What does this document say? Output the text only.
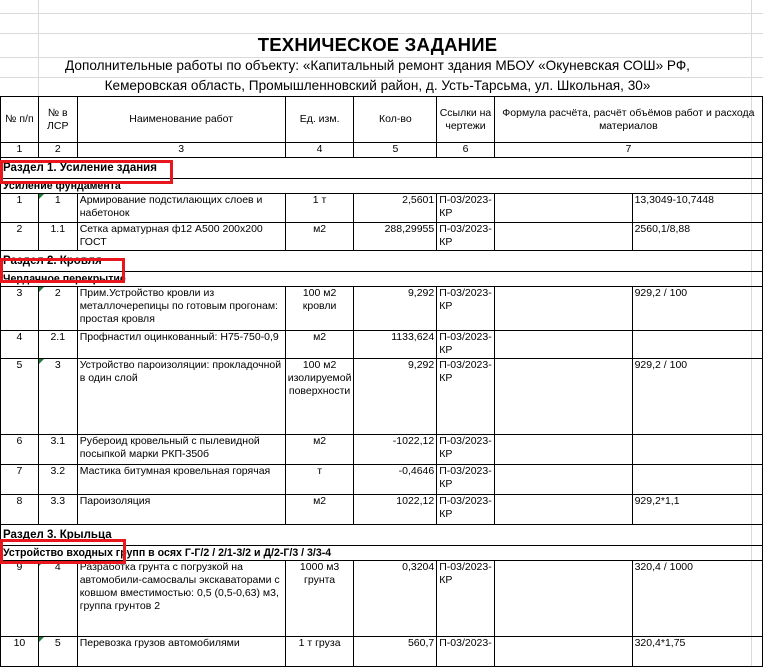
ТЕХНИЧЕСКОЕ ЗАДАНИЕ
Дополнительные работы по объекту: «Капитальный ремонт здания МБОУ «Окуневская СОШ» РФ,
Кемеровская область, Промышленновский район, д. Усть-Тарсьма, ул. Школьная, 30»
№ п/п	№ в ЛСР	Наименование работ	Ед. изм.	Кол-во	Ссылки на чертежи	Формула расчёта, расчёт объёмов работ и расхода материалов	
1	2	3	4	5	6	7	
Раздел 1. Усиление здания							
Усиление фундамента							
1	1	Армирование подстилающих слоев и набетонок	1 т	2,5601	П-03/2023-КР		13,3049-10,7448
2	1.1	Сетка арматурная ф12 А500 200х200 ГОСТ	м2	288,29955	П-03/2023-КР		2560,1/8,88
Раздел 2. Кровля							
Чердачное перекрытие							
3	2	Прим.Устройство кровли из металлочерепицы по готовым прогонам: простая кровля	100 м2 кровли	9,292	П-03/2023-КР		929,2 / 100
4	2.1	Профнастил оцинкованный: Н75-750-0,9	м2	1133,624	П-03/2023-КР		
5	3	Устройство пароизоляции: прокладочной в один слой	100 м2 изолируемой поверхности	9,292	П-03/2023-КР		929,2 / 100
6	3.1	Рубероид кровельный с пылевидной посыпкой марки РКП-350б	м2	-1022,12	П-03/2023-КР		
7	3.2	Мастика битумная кровельная горячая	т	-0,4646	П-03/2023-КР		
8	3.3	Пароизоляция	м2	1022,12	П-03/2023-КР		929,2*1,1
Раздел 3. Крыльца							
Устройство входных групп в осях Г-Г/2 / 2/1-3/2 и Д/2-Г/3 / 3/3-4							
9	4	Разработка грунта с погрузкой на автомобили-самосвалы экскаваторами с ковшом вместимостью: 0,5 (0,5-0,63) м3, группа грунтов 2	1000 м3 грунта	0,3204	П-03/2023-КР		320,4 / 1000
10	5	Перевозка грузов автомобилями	1 т груза	560,7	П-03/2023-		320,4*1,75
